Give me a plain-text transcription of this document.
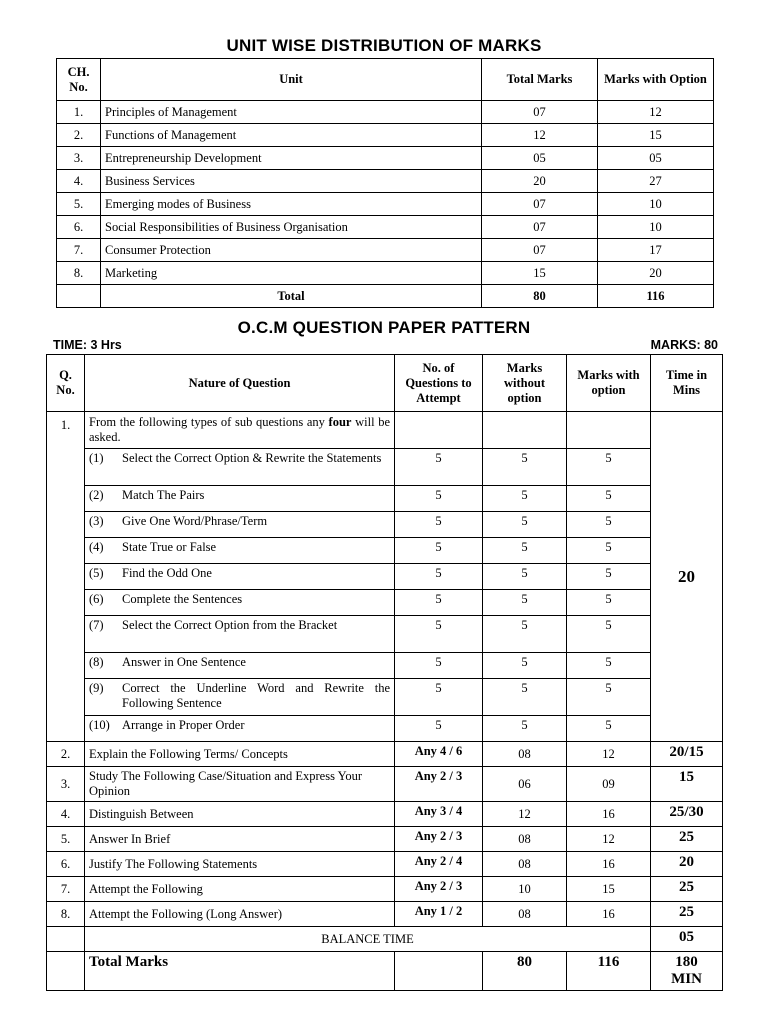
UNIT WISE DISTRIBUTION OF MARKS
CH. No.	Unit	Total Marks	Marks with Option
1.	Principles of Management	07	12
2.	Functions of Management	12	15
3.	Entrepreneurship Development	05	05
4.	Business Services	20	27
5.	Emerging modes of Business	07	10
6.	Social Responsibilities of Business Organisation	07	10
7.	Consumer Protection	07	17
8.	Marketing	15	20
	Total	80	116
O.C.M QUESTION PAPER PATTERN
TIME: 3 Hrs	MARKS: 80
Q. No.	Nature of Question	No. of Questions to Attempt	Marks without option	Marks with option	Time in Mins
1.	From the following types of sub questions any four will be asked.				20

	(1) Select the Correct Option & Rewrite the Statements	5	5	5	

	(2) Match The Pairs	5	5	5	

	(3) Give One Word/Phrase/Term	5	5	5	

	(4) State True or False	5	5	5	

	(5) Find the Odd One	5	5	5	

	(6) Complete the Sentences	5	5	5	

	(7) Select the Correct Option from the Bracket	5	5	5	

	(8) Answer in One Sentence	5	5	5	

	(9) Correct the Underline Word and Rewrite the Following Sentence	5	5	5	

	(10) Arrange in Proper Order	5	5	5	
2.	Explain the Following Terms/ Concepts	Any 4 / 6	08	12	20/15
3.	Study The Following Case/Situation and Express Your Opinion	Any 2 / 3	06	09	15
4.	Distinguish Between	Any 3 / 4	12	16	25/30
5.	Answer In Brief	Any 2 / 3	08	12	25
6.	Justify The Following Statements	Any 2 / 4	08	16	20
7.	Attempt the Following	Any 2 / 3	10	15	25
8.	Attempt the Following (Long Answer)	Any 1 / 2	08	16	25
	BALANCE TIME				05
	Total Marks		80	116	180
MIN
